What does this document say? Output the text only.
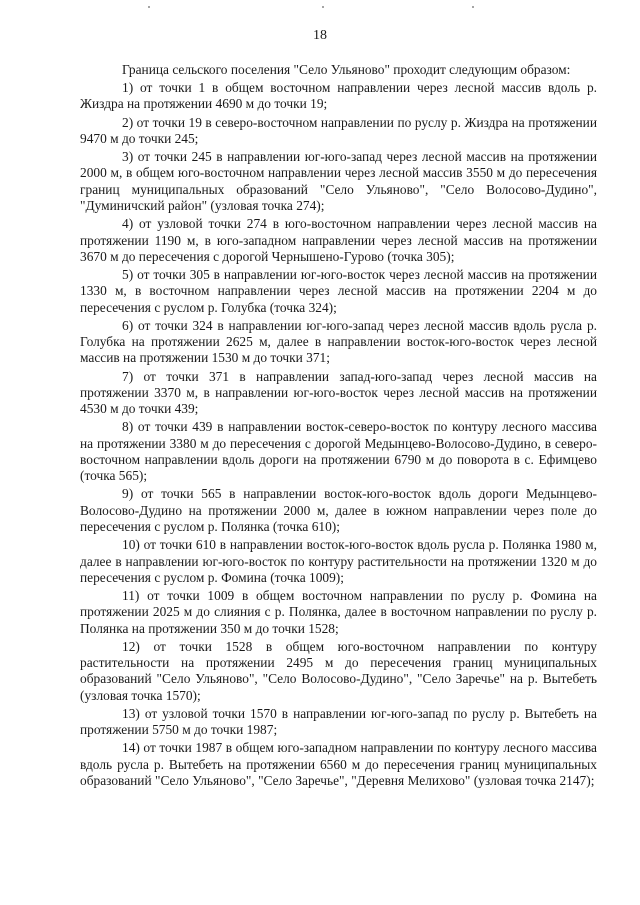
18

Граница сельского поселения "Село Ульяново" проходит следующим образом:

1) от точки 1 в общем восточном направлении через лесной массив вдоль р. Жиздра на протяжении 4690 м до точки 19;

2) от точки 19 в северо-восточном направлении по руслу р. Жиздра на протяжении 9470 м до точки 245;

3) от точки 245 в направлении юг-юго-запад через лесной массив на протяжении 2000 м, в общем юго-восточном направлении через лесной массив 3550 м до пересечения границ муниципальных образований "Село Ульяново", "Село Волосово-Дудино", "Думиничский район" (узловая точка 274);

4) от узловой точки 274 в юго-восточном направлении через лесной массив на протяжении 1190 м, в юго-западном направлении через лесной массив на протяжении 3670 м до пересечения с дорогой Чернышено-Гурово (точка 305);

5) от точки 305 в направлении юг-юго-восток через лесной массив на протяжении 1330 м, в восточном направлении через лесной массив на протяжении 2204 м до пересечения с руслом р. Голубка (точка 324);

6) от точки 324 в направлении юг-юго-запад через лесной массив вдоль русла р. Голубка на протяжении 2625 м, далее в направлении восток-юго-восток через лесной массив на протяжении 1530 м до точки 371;

7) от точки 371 в направлении запад-юго-запад через лесной массив на протяжении 3370 м, в направлении юг-юго-восток через лесной массив на протяжении 4530 м до точки 439;

8) от точки 439 в направлении восток-северо-восток по контуру лесного массива на протяжении 3380 м до пересечения с дорогой Медынцево-Волосово-Дудино, в северо-восточном направлении вдоль дороги на протяжении 6790 м до поворота в с. Ефимцево (точка 565);

9) от точки 565 в направлении восток-юго-восток вдоль дороги Медынцево-Волосово-Дудино на протяжении 2000 м, далее в южном направлении через поле до пересечения с руслом р. Полянка (точка 610);

10) от точки 610 в направлении восток-юго-восток вдоль русла р. Полянка 1980 м, далее в направлении юг-юго-восток по контуру растительности на протяжении 1320 м до пересечения с руслом р. Фомина (точка 1009);

11) от точки 1009 в общем восточном направлении по руслу р. Фомина на протяжении 2025 м до слияния с р. Полянка, далее в восточном направлении по руслу р. Полянка на протяжении 350 м до точки 1528;

12) от точки 1528 в общем юго-восточном направлении по контуру растительности на протяжении 2495 м до пересечения границ муниципальных образований "Село Ульяново", "Село Волосово-Дудино", "Село Заречье" на р. Вытебеть (узловая точка 1570);

13) от узловой точки 1570 в направлении юг-юго-запад по руслу р. Вытебеть на протяжении 5750 м до точки 1987;

14) от точки 1987 в общем юго-западном направлении по контуру лесного массива вдоль русла р. Вытебеть на протяжении 6560 м до пересечения границ муниципальных образований "Село Ульяново", "Село Заречье", "Деревня Мелихово" (узловая точка 2147);
